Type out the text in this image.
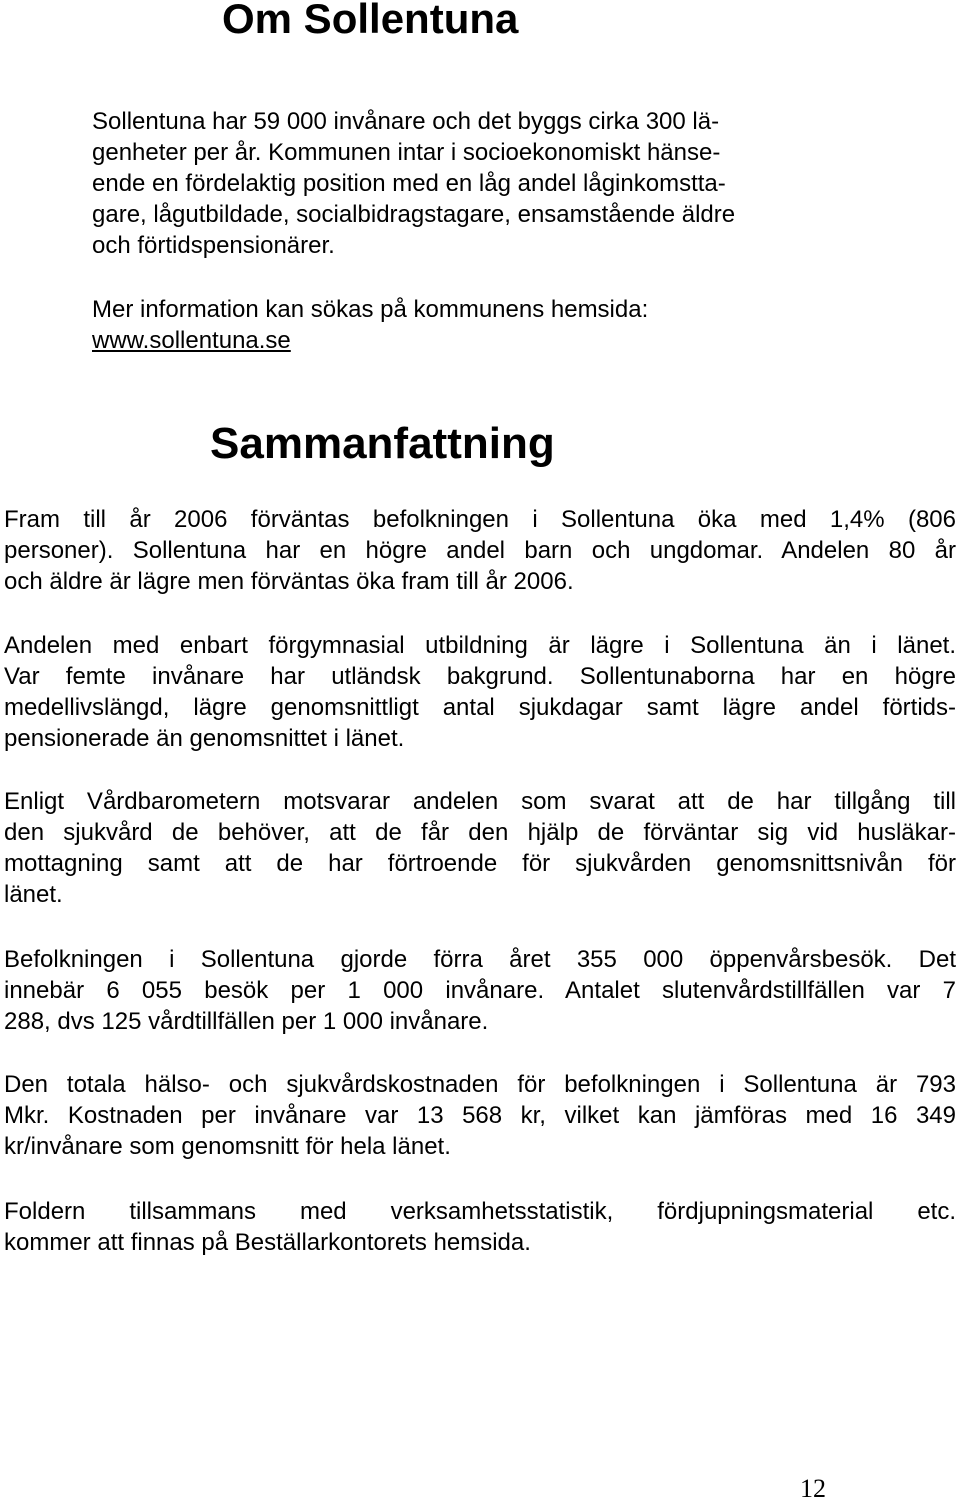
Om Sollentuna
Sollentuna har 59 000 invånare och det byggs cirka 300 lä-
genheter per år. Kommunen intar i socioekonomiskt hänse-
ende en fördelaktig position med en låg andel låginkomstta-
gare, lågutbildade, socialbidragstagare, ensamstående äldre
och förtidspensionärer.
Mer information kan sökas på kommunens hemsida:
www.sollentuna.se
Sammanfattning
Fram till år 2006 förväntas befolkningen i Sollentuna öka med 1,4% (806
personer). Sollentuna har en högre andel barn och ungdomar. Andelen 80 år
och äldre är lägre men förväntas öka fram till år 2006.
Andelen med enbart förgymnasial utbildning är lägre i Sollentuna än i länet.
Var femte invånare har utländsk bakgrund. Sollentunaborna har en högre
medellivslängd, lägre genomsnittligt antal sjukdagar samt lägre andel förtids-
pensionerade än genomsnittet i länet.
Enligt Vårdbarometern motsvarar andelen som svarat att de har tillgång till
den sjukvård de behöver, att de får den hjälp de förväntar sig vid husläkar-
mottagning samt att de har förtroende för sjukvården genomsnittsnivån för
länet.
Befolkningen i Sollentuna gjorde förra året 355 000 öppenvårsbesök. Det
innebär 6 055 besök per 1 000 invånare. Antalet slutenvårdstillfällen var 7
288, dvs 125 vårdtillfällen per 1 000 invånare.
Den totala hälso- och sjukvårdskostnaden för befolkningen i Sollentuna är 793
Mkr. Kostnaden per invånare var 13 568 kr, vilket kan jämföras med 16 349
kr/invånare som genomsnitt för hela länet.
Foldern tillsammans med verksamhetsstatistik, fördjupningsmaterial etc.
kommer att finnas på Beställarkontorets hemsida.
12
